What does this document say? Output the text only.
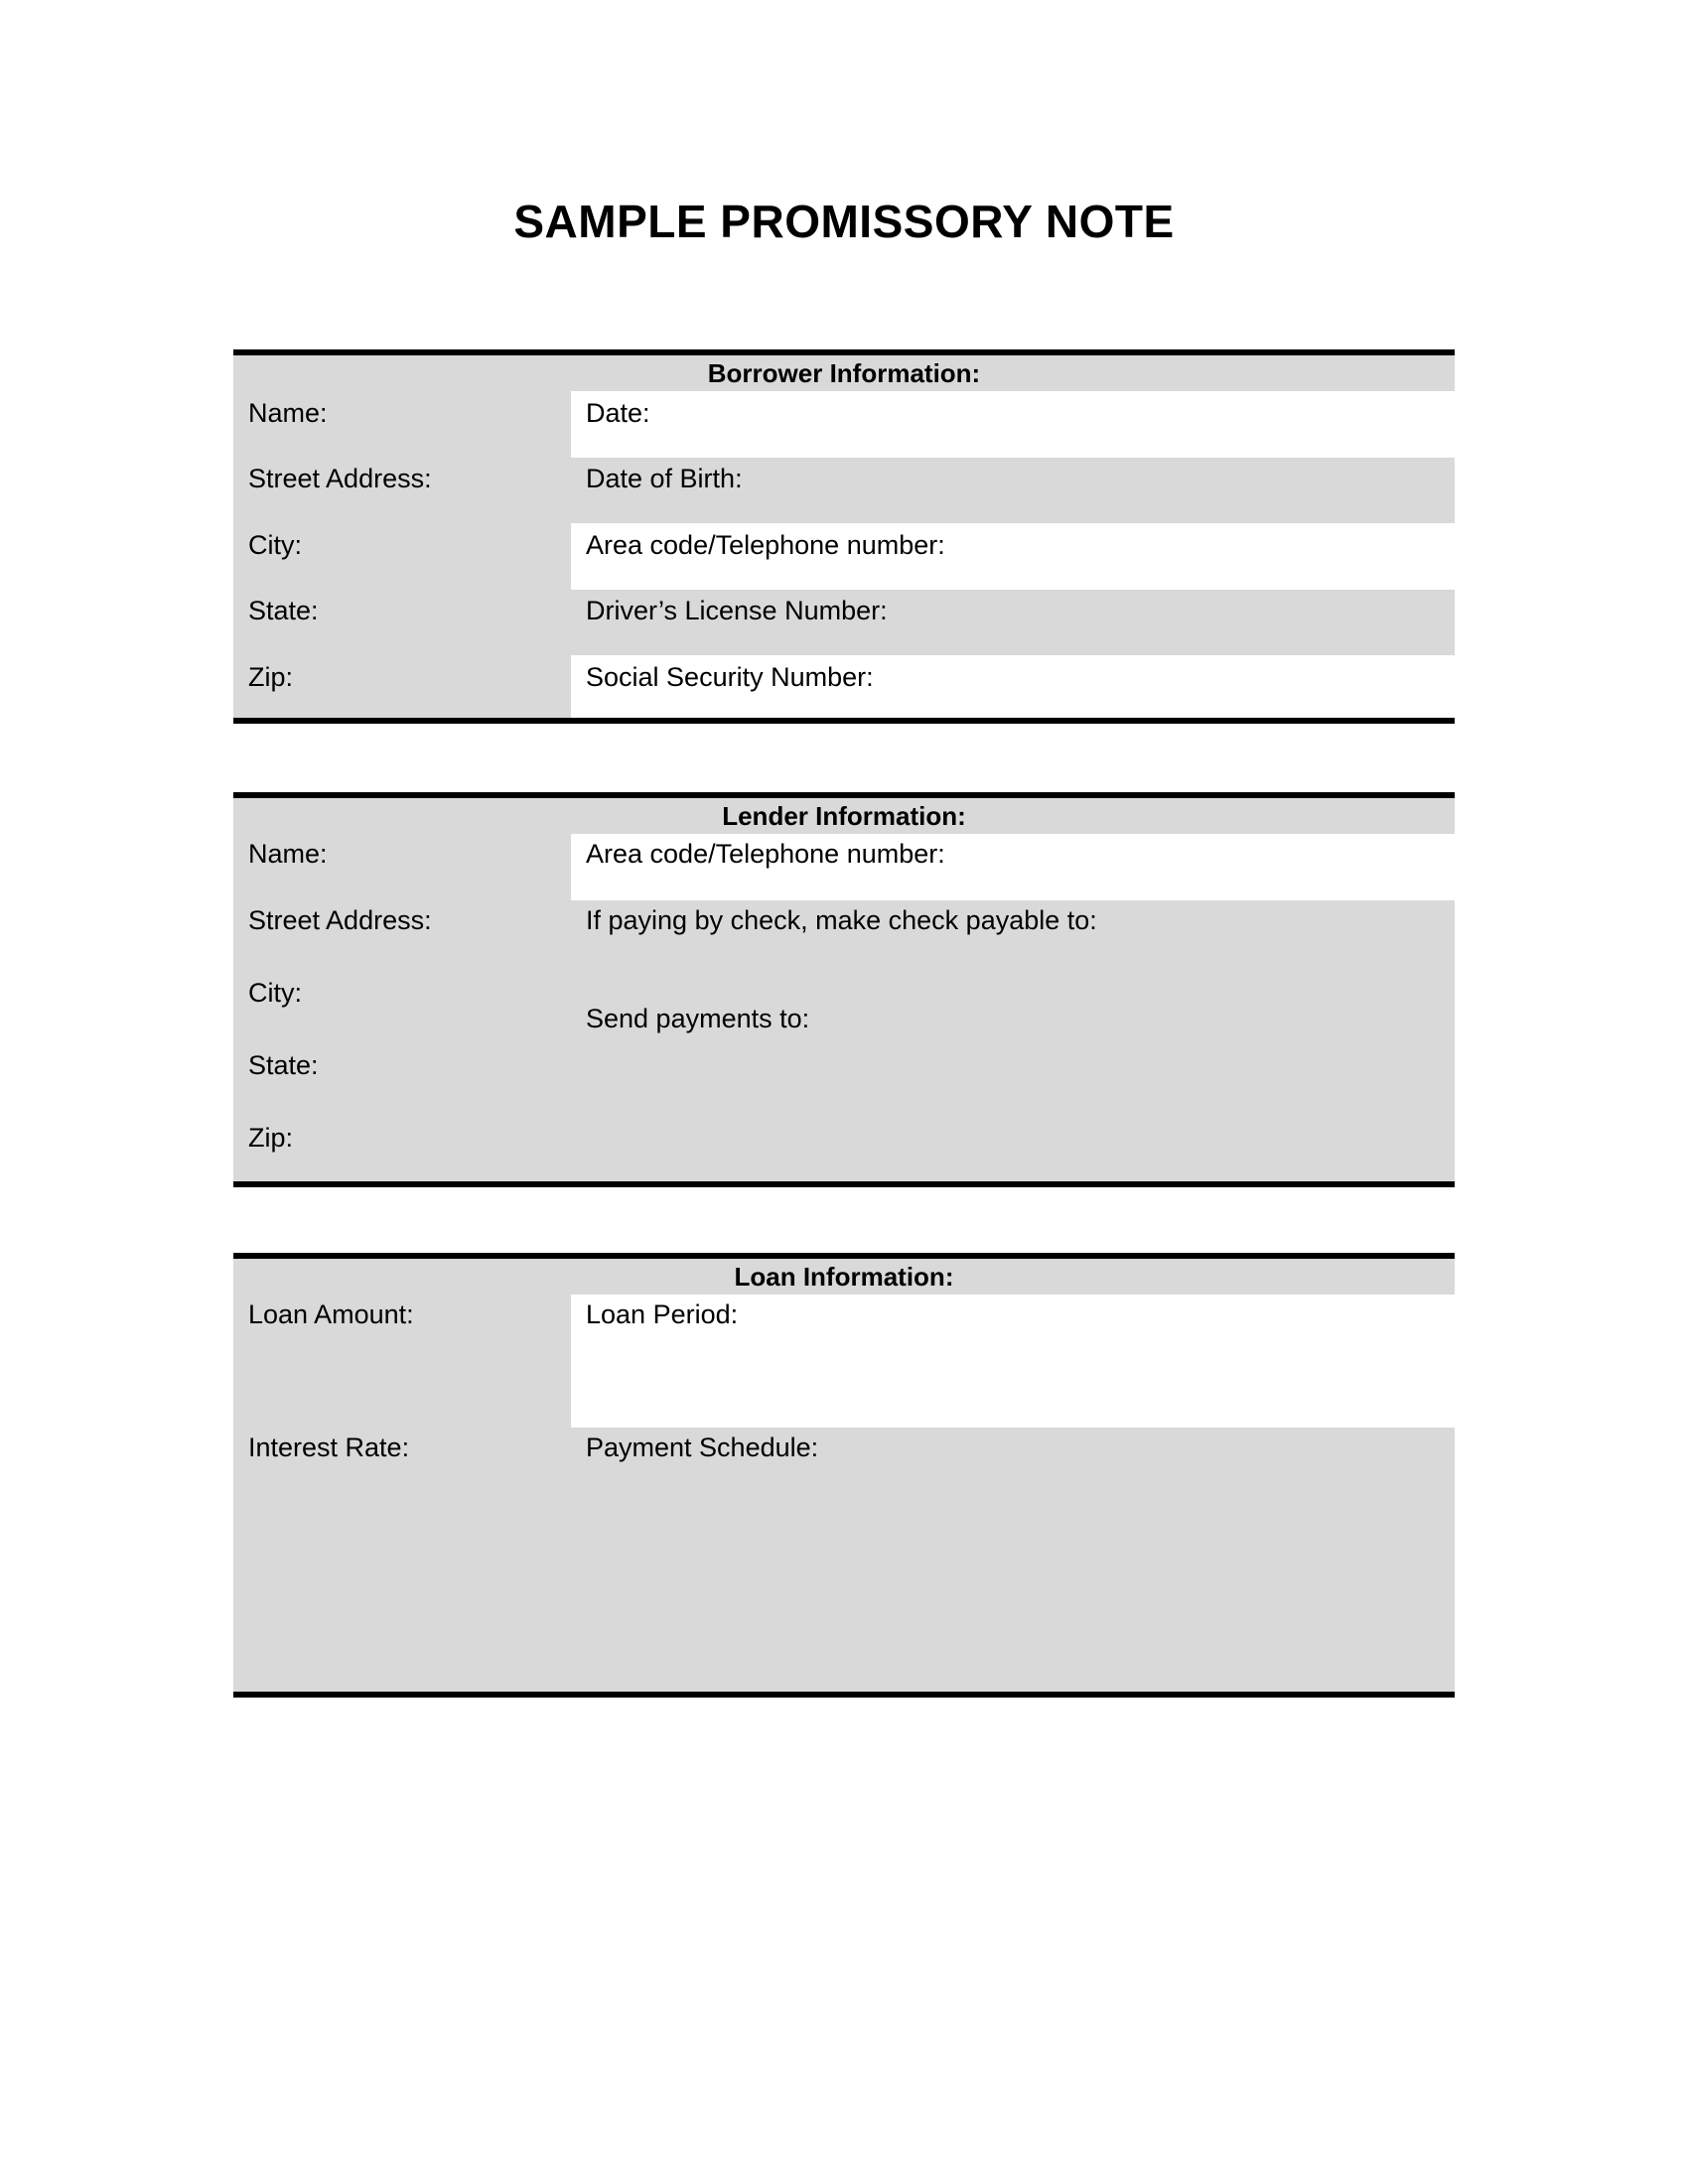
SAMPLE PROMISSORY NOTE
Borrower Information:
Name:
Street Address:
City:
State:
Zip:
Date:
Date of Birth:
Area code/Telephone number:
Driver’s License Number:
Social Security Number:
Lender Information:
Name:
Street Address:
City:
State:
Zip:
Area code/Telephone number:
If paying by check, make check payable to:
Send payments to:
Loan Information:
Loan Amount:
Interest Rate:
Loan Period:
Payment Schedule:
